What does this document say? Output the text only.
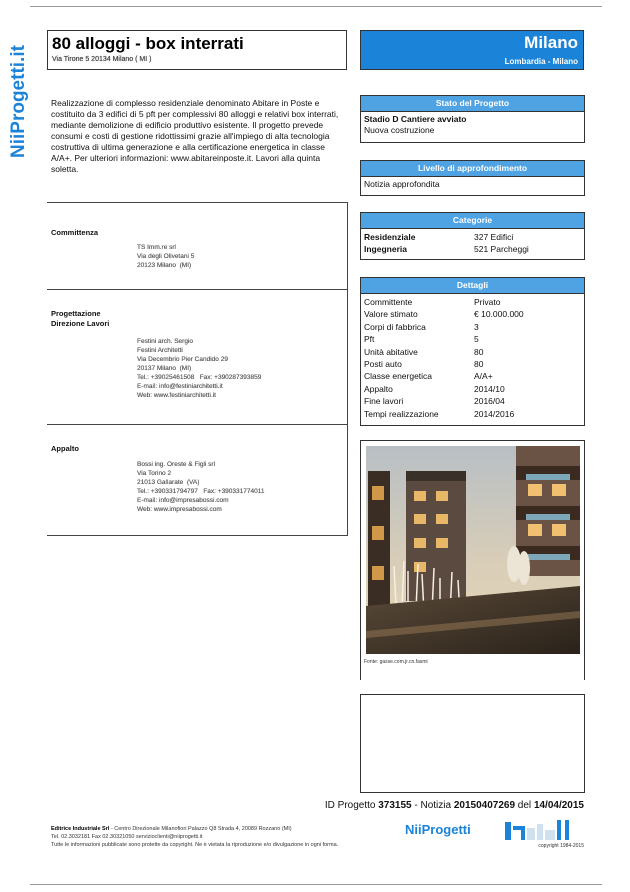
NiiProgetti.it
80 alloggi - box interrati
Via Tirone 5 20134 Milano ( MI )
Milano
Lombardia - Milano
Realizzazione di complesso residenziale denominato Abitare in Poste e costituito da 3 edifici di 5 pft per complessivi 80 alloggi e relativi box interrati, mediante demolizione di edificio produttivo esistente. Il progetto prevede consumi e costi di gestione ridottissimi grazie all'impiego di alta tecnologia costruttiva di ultima generazione e alla certificazione energetica in classe A/A+. Per ulteriori informazioni: www.abitareinposte.it. Lavori alla quinta soletta.
Committenza
TS Imm.re srl
Via degli Olivetani 5
20123 Milano  (MI)
Progettazione
Direzione Lavori
Festini arch. Sergio
Festini Architetti
Via Decembrio Pier Candido 29
20137 Milano  (MI)
Tel.: +39025461508   Fax: +390287393859
E-mail: info@festiniarchitetti.it
Web: www.festiniarchitetti.it
Appalto
Bossi ing. Oreste & Figli srl
Via Torino 2
21013 Gallarate  (VA)
Tel.: +390331794797   Fax: +390331774011
E-mail: info@impresabossi.com
Web: www.impresabossi.com
Stato del Progetto
Stadio D Cantiere avviato
Nuova costruzione
Livello di approfondimento
Notizia approfondita
Categorie
Residenziale	327 Edifici
Ingegneria	521 Parcheggi
Dettagli
Committente	Privato
Valore stimato	€ 10.000.000
Corpi di fabbrica	3
Pft	5
Unità abitative	80
Posti auto	80
Classe energetica	A/A+
Appalto	2014/10
Fine lavori	2016/04
Tempi realizzazione	2014/2016
Fonte: gasse.com.jr.cn.fasmi
ID Progetto 373155 - Notizia 20150407269 del 14/04/2015
Editrice Industriale Srl - Centro Direzionale Milanofiori Palazzo Q8 Strada 4, 20089 Rozzano (MI)
Tel. 02.3032181 Fax 02.30321050 servizioclienti@niiprogetti.it
Tutte le informazioni pubblicate sono protette da copyright. Ne è vietata la riproduzione e/o divulgazione in ogni forma.
NiiProgetti
copyright 1984-2015
